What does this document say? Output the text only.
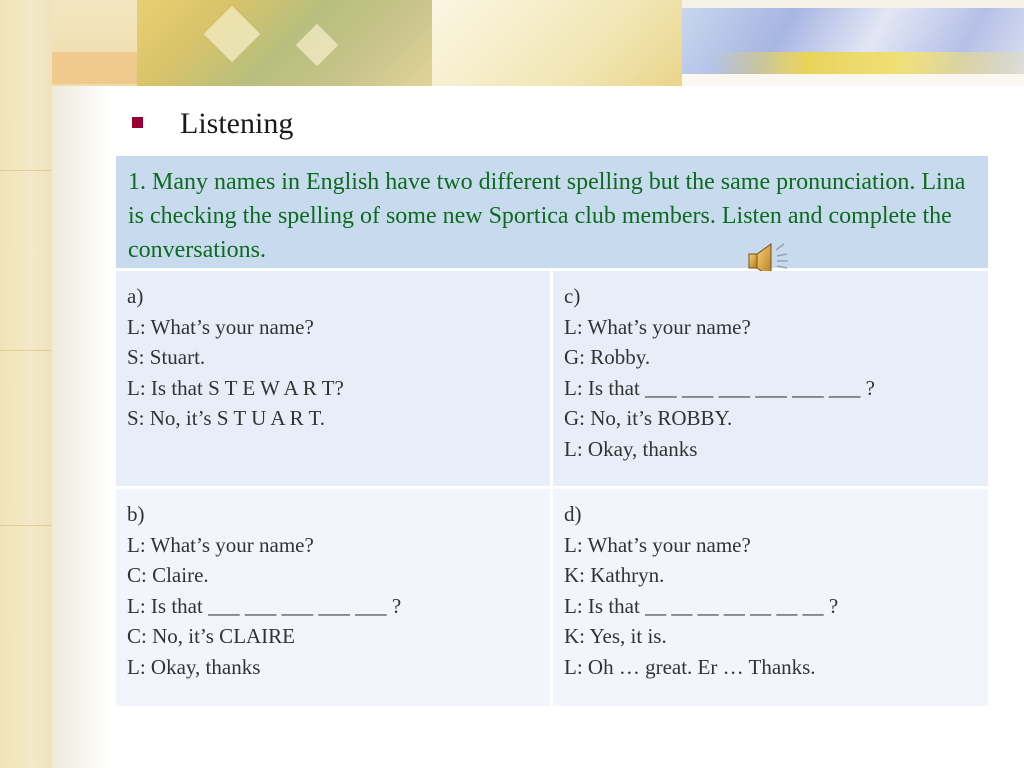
Listening
1. Many names in English have two different spelling but the same pronunciation. Lina is checking the spelling of some new Sportica club members. Listen and complete the conversations.
a)
L: What’s your name?
S: Stuart.
L: Is that S T E W A R T?
S: No, it’s S T U A R T.
c)
L: What’s your name?
G: Robby.
L: Is that ___ ___ ___ ___ ___ ___ ?
G: No, it’s ROBBY.
L: Okay, thanks
b)
L: What’s your name?
C: Claire.
L: Is that ___ ___ ___ ___ ___ ?
C: No, it’s CLAIRE
L: Okay, thanks
d)
L: What’s your name?
K: Kathryn.
L: Is that __ __ __ __ __ __ __ ?
K: Yes, it is.
L: Oh … great. Er … Thanks.
